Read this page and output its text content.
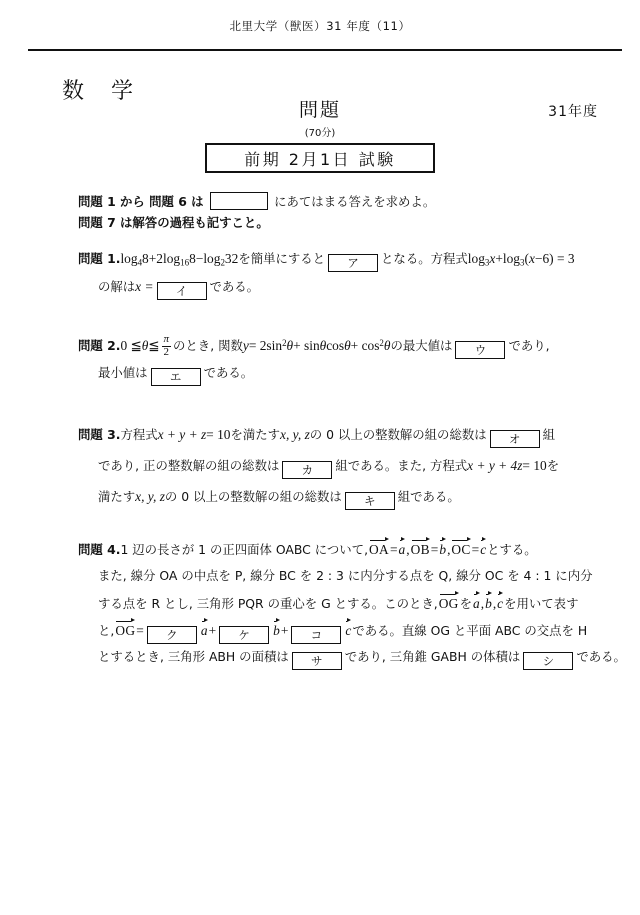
北里大学（獣医）31 年度（11）
数 学
問題
(70分)
31年度
前期 2月1日 試験
問題 1 から 問題 6 は	にあてはまる答えを求めよ。
問題 7 は解答の過程も記すこと。
問題 $1.\log_48+2\log_{16}8-\log_232$を簡単にするとアとなる。方程式$\log_3x+\log_3(x-6) = 3$
の解はx =イである。
問題 2.0 ≦θ≦ $\frac{\pi}{2}$ のとき, 関数$y= 2\sin^2\theta+ \sin\theta\cos\theta+ \cos^2\theta$の最大値はウであり,
最小値はエである。
問題 3.方程式x + y + z= 10を満たすx, y, zの 0 以上の整数解の組の総数はオ組
であり, 正の整数解の組の総数はカ組である。また, 方程式x + y + 4z= 10を
満たすx, y, zの 0 以上の整数解の組の総数はキ組である。
問題 4.1 辺の長さが 1 の正四面体 OABC について,
OA=
a,
OB=
b,
OC=
cとする。
また, 線分 OA の中点を P, 線分 BC を 2 : 3 に内分する点を Q, 線分 OC を 4 : 1 に内分
する点を R とし, 三角形 PQR の重心を G とする。このとき,
OGを
a,
b,
cを用いて表す
と,
OG=ク a+ケ b+コ cである。直線 OG と平面 ABC の交点を H
とするとき, 三角形 ABH の面積はサであり, 三角錐 GABH の体積はシである。
